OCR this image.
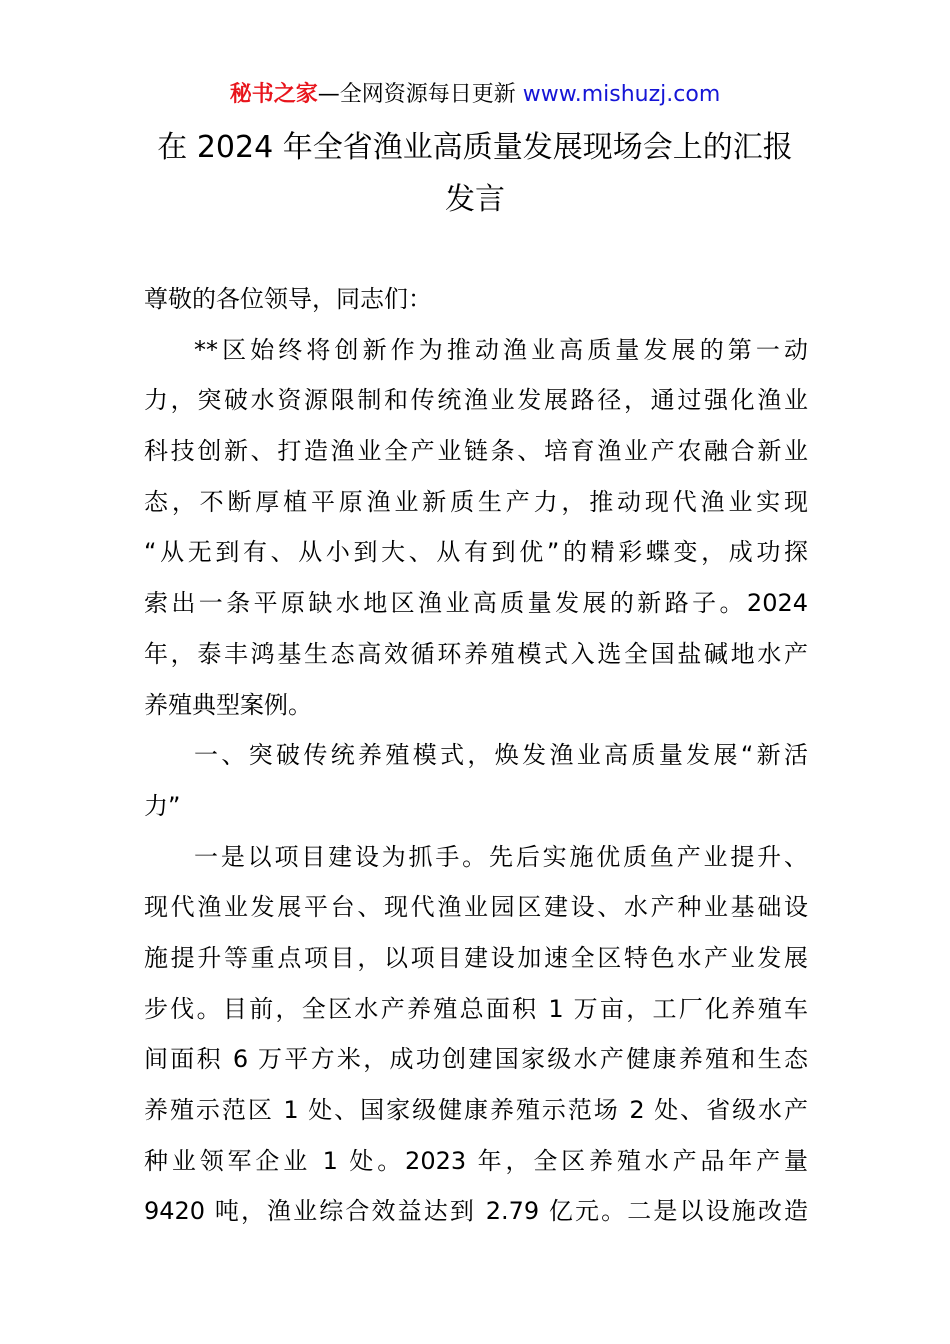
秘书之家—全网资源每日更新 www.mishuzj.com
在 2024 年全省渔业高质量发展现场会上的汇报
发言
尊敬的各位领导，同志们：
**区始终将创新作为推动渔业高质量发展的第一动
力，突破水资源限制和传统渔业发展路径，通过强化渔业
科技创新、打造渔业全产业链条、培育渔业产农融合新业
态，不断厚植平原渔业新质生产力，推动现代渔业实现
“从无到有、从小到大、从有到优”的精彩蝶变，成功探
索出一条平原缺水地区渔业高质量发展的新路子。2024
年，泰丰鸿基生态高效循环养殖模式入选全国盐碱地水产
养殖典型案例。
一、突破传统养殖模式，焕发渔业高质量发展“新活
力”
一是以项目建设为抓手。先后实施优质鱼产业提升、
现代渔业发展平台、现代渔业园区建设、水产种业基础设
施提升等重点项目，以项目建设加速全区特色水产业发展
步伐。目前，全区水产养殖总面积 1 万亩，工厂化养殖车
间面积 6 万平方米，成功创建国家级水产健康养殖和生态
养殖示范区 1 处、国家级健康养殖示范场 2 处、省级水产
种业领军企业 1 处。2023 年，全区养殖水产品年产量
9420 吨，渔业综合效益达到 2.79 亿元。二是以设施改造
